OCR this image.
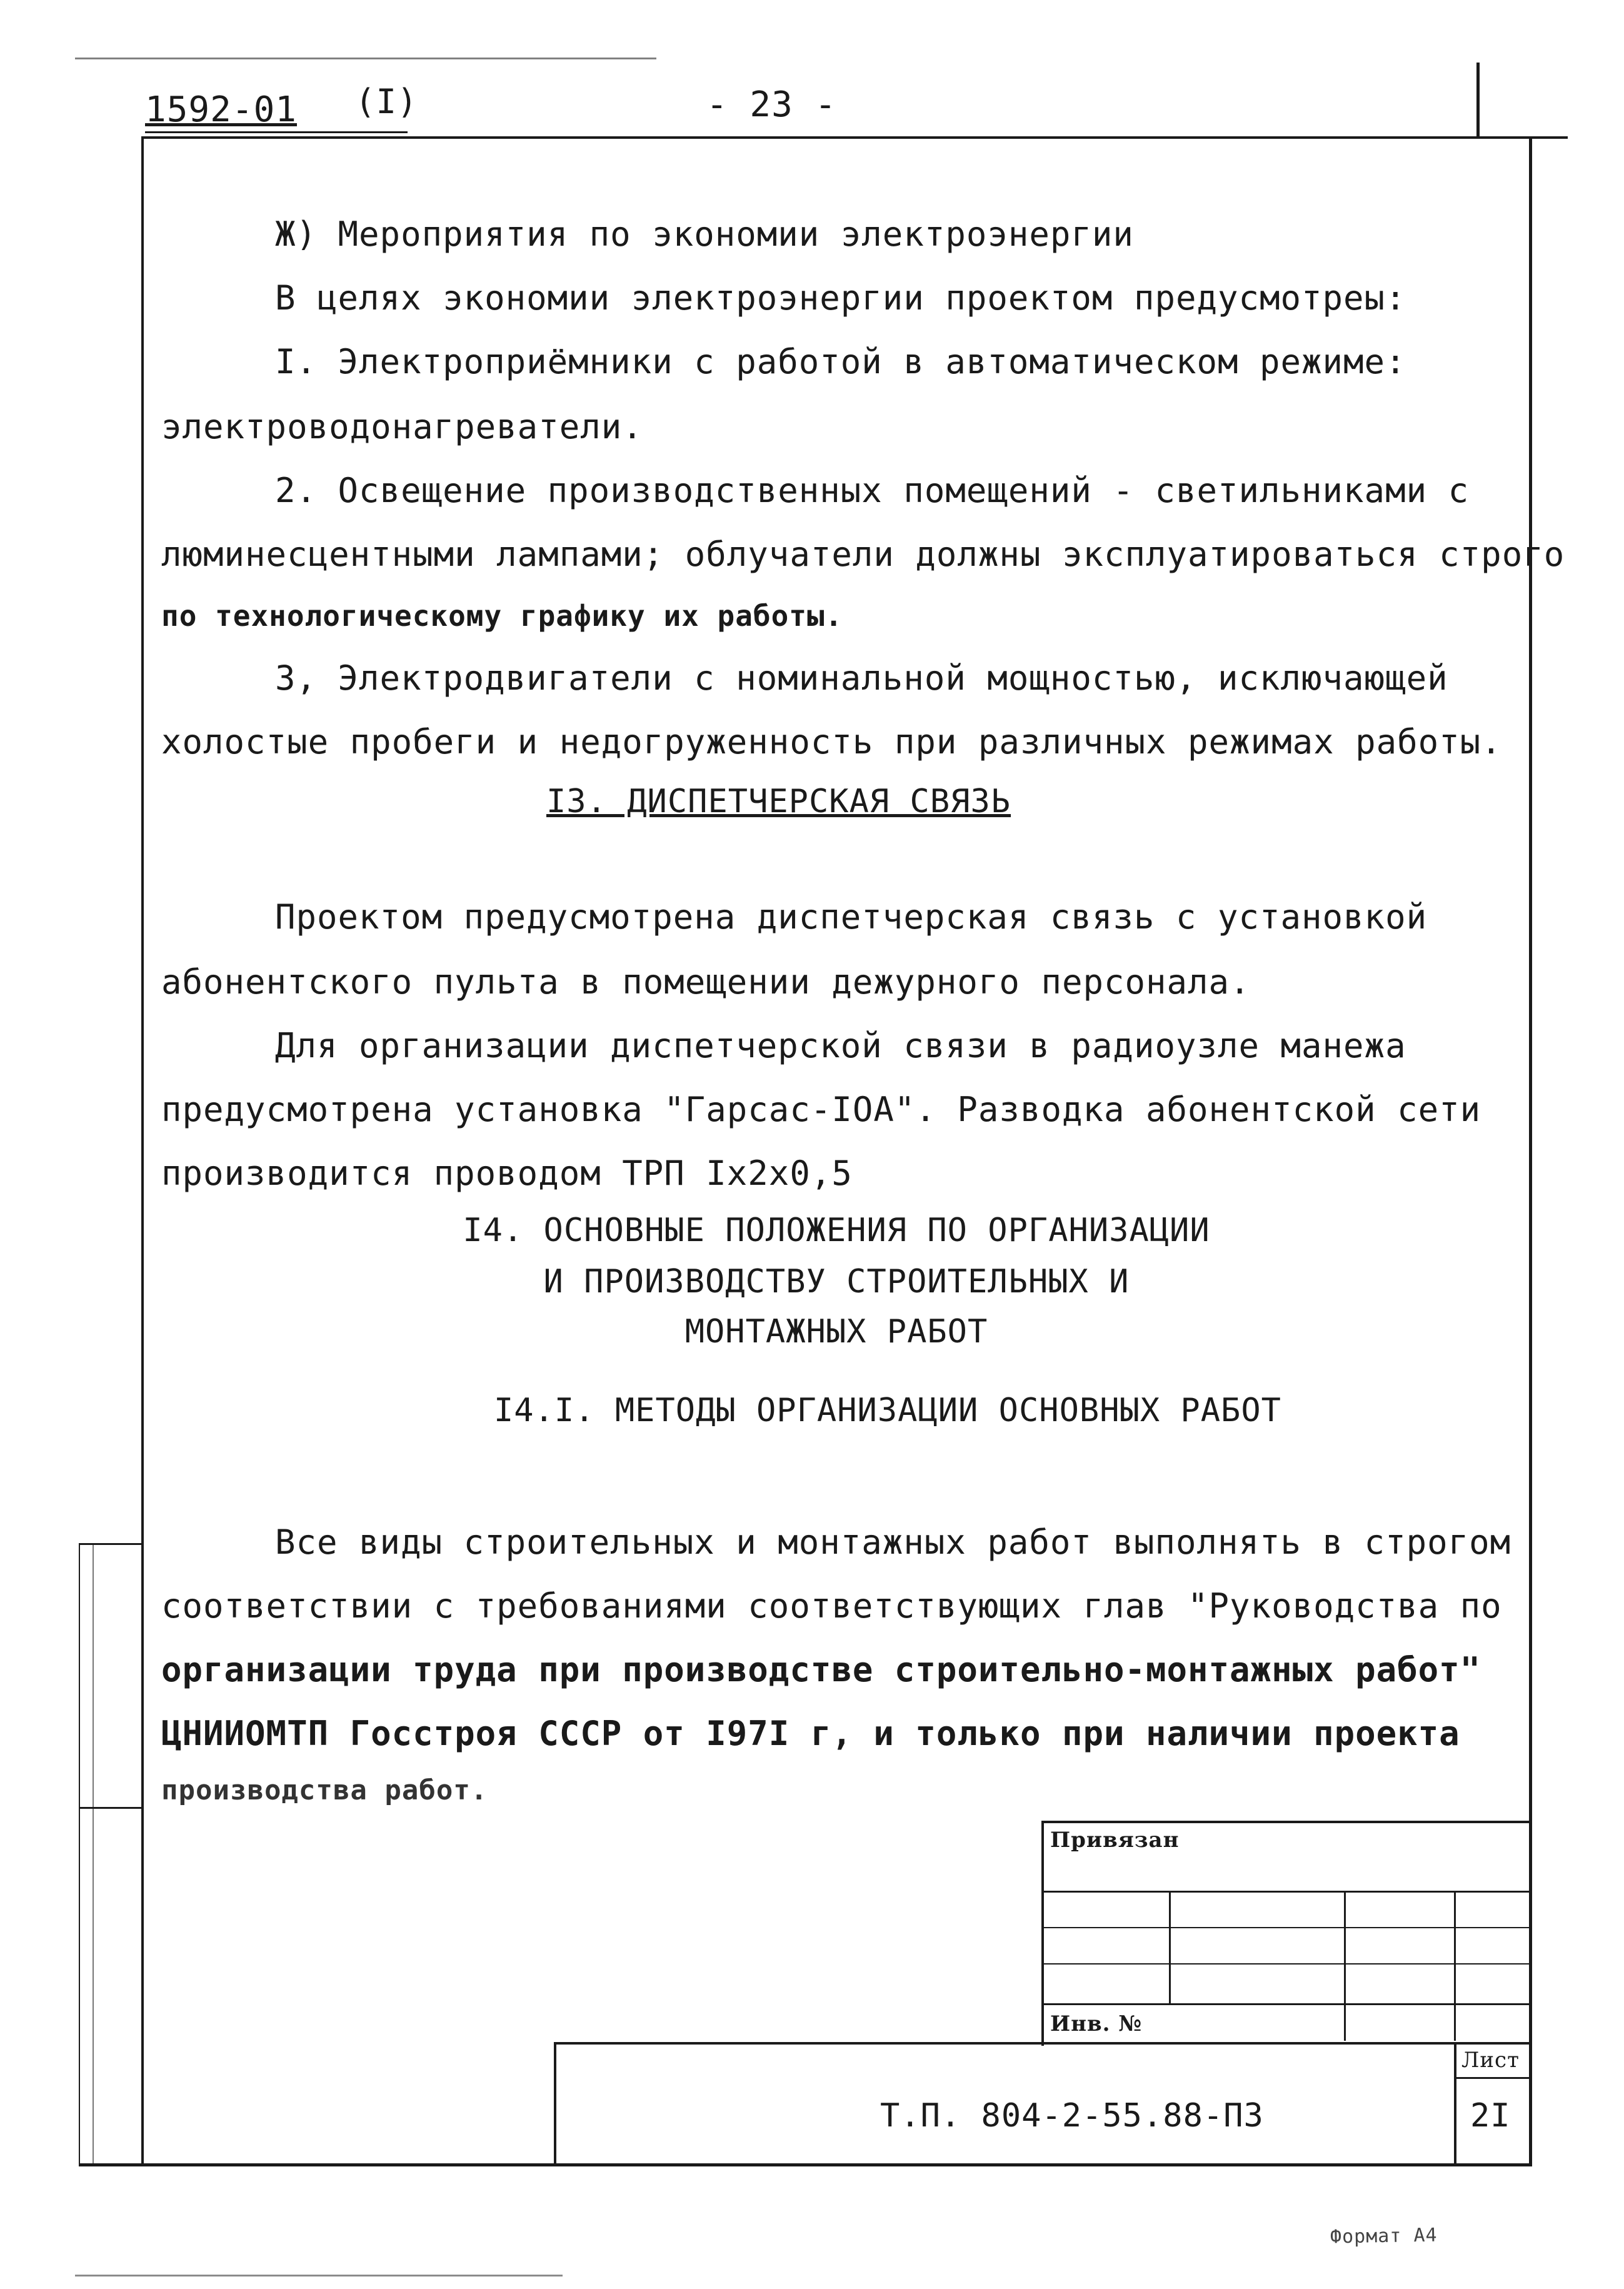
1592-01 (I)	- 23 -
Ж) Мероприятия по экономии электроэнергии
В целях экономии электроэнергии проектом предусмотреы:
I. Электроприёмники с работой в автоматическом режиме:
электроводонагреватели.
2. Освещение производственных помещений - светильниками с
люминесцентными лампами; облучатели должны эксплуатироваться строго
по технологическому графику их работы.
3, Электродвигатели с номинальной мощностью, исключающей
холостые пробеги и недогруженность при различных режимах работы.
I3. ДИСПЕТЧЕРСКАЯ СВЯЗЬ
Проектом предусмотрена диспетчерская связь с установкой
абонентского пульта в помещении дежурного персонала.
Для организации диспетчерской связи в радиоузле манежа
предусмотрена установка "Гарсас-IOA". Разводка абонентской сети
производится проводом ТРП Iх2х0,5
I4. ОСНОВНЫЕ ПОЛОЖЕНИЯ ПО ОРГАНИЗАЦИИ
И ПРОИЗВОДСТВУ СТРОИТЕЛЬНЫХ И
МОНТАЖНЫХ РАБОТ
I4.I. МЕТОДЫ ОРГАНИЗАЦИИ ОСНОВНЫХ РАБОТ
Все виды строительных и монтажных работ выполнять в строгом
соответствии с требованиями соответствующих глав "Руководства по
организации труда при производстве строительно-монтажных работ"
ЦНИИОМТП Госстроя СССР от I97I г, и только при наличии проекта
производства работ.
Привязан
Инв. №
Т.П. 804-2-55.88-ПЗ
Лист
2I
Формат А4
